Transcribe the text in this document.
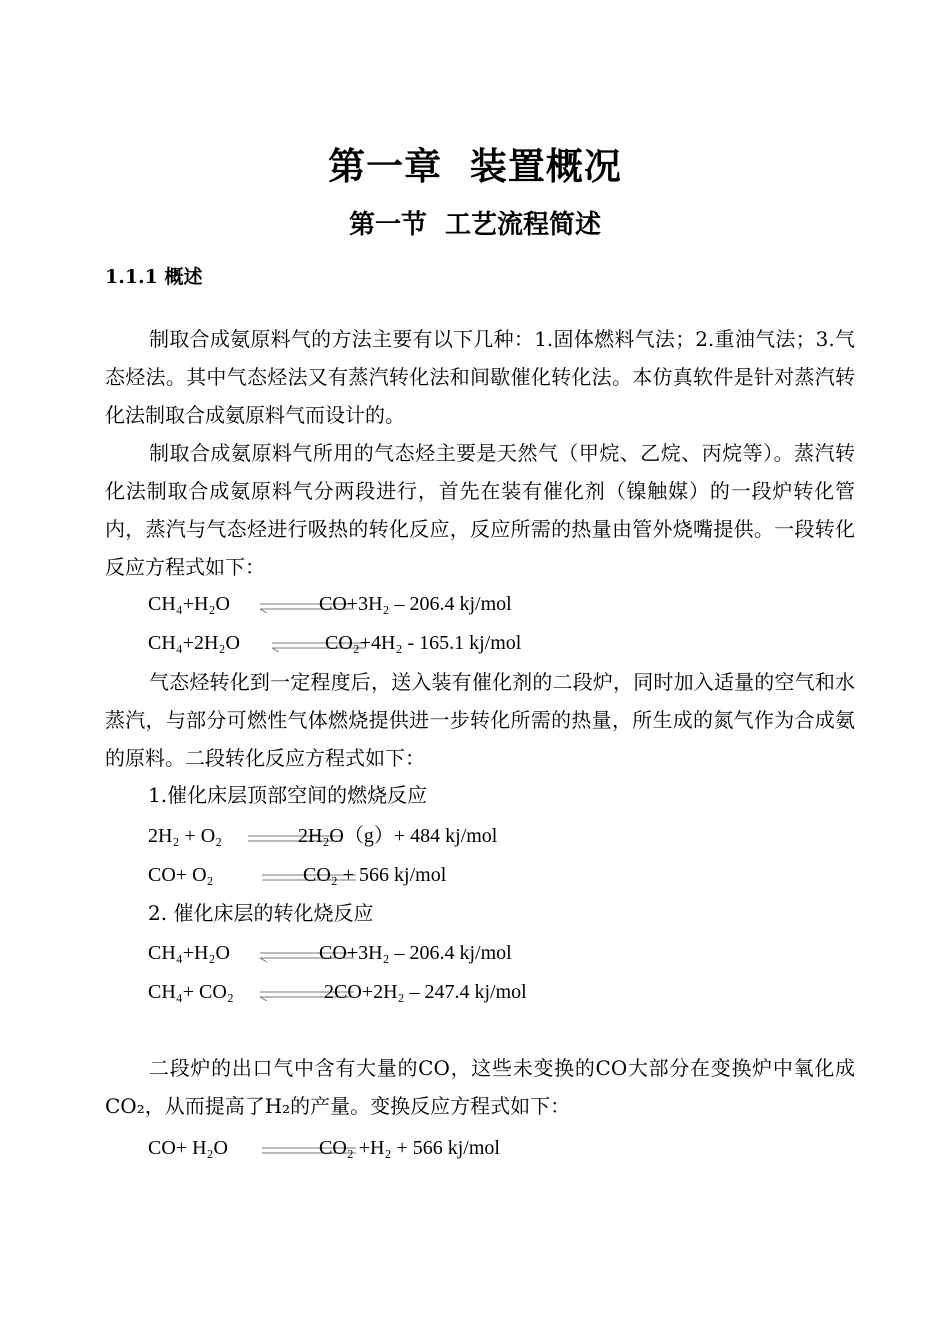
第一章  装置概况
第一节  工艺流程简述
1.1.1 概述

制取合成氨原料气的方法主要有以下几种：1.固体燃料气法；2.重油气法；3.气态烃法。其中气态烃法又有蒸汽转化法和间歇催化转化法。本仿真软件是针对蒸汽转化法制取合成氨原料气而设计的。

制取合成氨原料气所用的气态烃主要是天然气（甲烷、乙烷、丙烷等）。蒸汽转化法制取合成氨原料气分两段进行，首先在装有催化剂（镍触媒）的一段炉转化管内，蒸汽与气态烃进行吸热的转化反应，反应所需的热量由管外烧嘴提供。一段转化反应方程式如下：

CH₄+H₂O	CO+3H₂ – 206.4 kj/mol
CH₄+2H₂O	CO₂+4H₂ - 165.1 kj/mol

气态烃转化到一定程度后，送入装有催化剂的二段炉，同时加入适量的空气和水蒸汽，与部分可燃性气体燃烧提供进一步转化所需的热量，所生成的氮气作为合成氨的原料。二段转化反应方程式如下：

1.催化床层顶部空间的燃烧反应
2H₂ + O₂	2H₂O（g）+ 484 kj/mol
CO+ O₂	CO₂ + 566 kj/mol
2. 催化床层的转化烧反应
CH₄+H₂O	CO+3H₂ – 206.4 kj/mol
CH₄+ CO₂	2CO+2H₂ – 247.4 kj/mol

二段炉的出口气中含有大量的CO，这些未变换的CO大部分在变换炉中氧化成CO₂，从而提高了H₂的产量。变换反应方程式如下：

CO+ H₂O	CO₂ +H₂ + 566 kj/mol
